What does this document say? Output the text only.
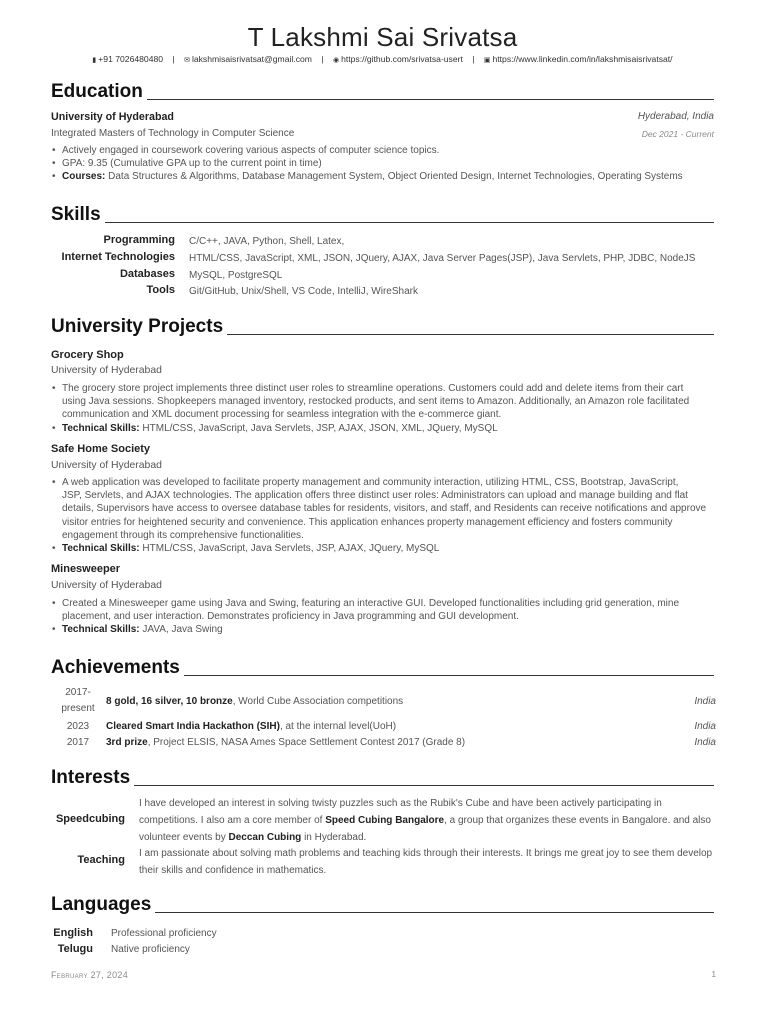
T Lakshmi Sai Srivatsa
▮ +91 7026480480 | ✉ lakshmisaisrivatsat@gmail.com | ◉ https://github.com/srivatsa-usert | ▣ https://www.linkedin.com/in/lakshmisaisrivatsat/
Education
University of Hyderabad	Hyderabad, India
Integrated Masters of Technology in Computer Science	Dec 2021 - Current
• Actively engaged in coursework covering various aspects of computer science topics.
• GPA: 9.35 (Cumulative GPA up to the current point in time)
• Courses: Data Structures & Algorithms, Database Management System, Object Oriented Design, Internet Technologies, Operating Systems
Skills
Programming C/C++, JAVA, Python, Shell, Latex,
Internet Technologies HTML/CSS, JavaScript, XML, JSON, JQuery, AJAX, Java Server Pages(JSP), Java Servlets, PHP, JDBC, NodeJS
Databases MySQL, PostgreSQL
Tools Git/GitHub, Unix/Shell, VS Code, IntelliJ, WireShark
University Projects
Grocery Shop
University of Hyderabad
• The grocery store project implements three distinct user roles to streamline operations. Customers could add and delete items from their cart
using Java sessions. Shopkeepers managed inventory, restocked products, and sent items to Amazon. Additionally, an Amazon role facilitated
communication and XML document processing for seamless integration with the e-commerce giant.
• Technical Skills: HTML/CSS, JavaScript, Java Servlets, JSP, AJAX, JSON, XML, JQuery, MySQL
Safe Home Society
University of Hyderabad
• A web application was developed to facilitate property management and community interaction, utilizing HTML, CSS, Bootstrap, JavaScript,
JSP, Servlets, and AJAX technologies. The application offers three distinct user roles: Administrators can upload and manage building and flat
details, Supervisors have access to oversee database tables for residents, visitors, and staff, and Residents can receive notifications and approve
visitor entries for heightened security and convenience. This application enhances property management efficiency and fosters community
engagement through its comprehensive functionalities.
• Technical Skills: HTML/CSS, JavaScript, Java Servlets, JSP, AJAX, JQuery, MySQL
Minesweeper
University of Hyderabad
• Created a Minesweeper game using Java and Swing, featuring an interactive GUI. Developed functionalities including grid generation, mine
placement, and user interaction. Demonstrates proficiency in Java programming and GUI development.
• Technical Skills: JAVA, Java Swing
Achievements
2017-
present
8 gold, 16 silver, 10 bronze, World Cube Association competitions	India
2023	Cleared Smart India Hackathon (SIH), at the internal level(UoH)	India
2017	3rd prize, Project ELSIS, NASA Ames Space Settlement Contest 2017 (Grade 8)	India
Interests
Speedcubing
I have developed an interest in solving twisty puzzles such as the Rubik's Cube and have been actively participating in
competitions. I also am a core member of Speed Cubing Bangalore, a group that organizes these events in Bangalore. and also
volunteer events by Deccan Cubing in Hyderabad.
Teaching
I am passionate about solving math problems and teaching kids through their interests. It brings me great joy to see them develop
their skills and confidence in mathematics.
Languages
English Professional proficiency
Telugu Native proficiency
February 27, 2024	1
